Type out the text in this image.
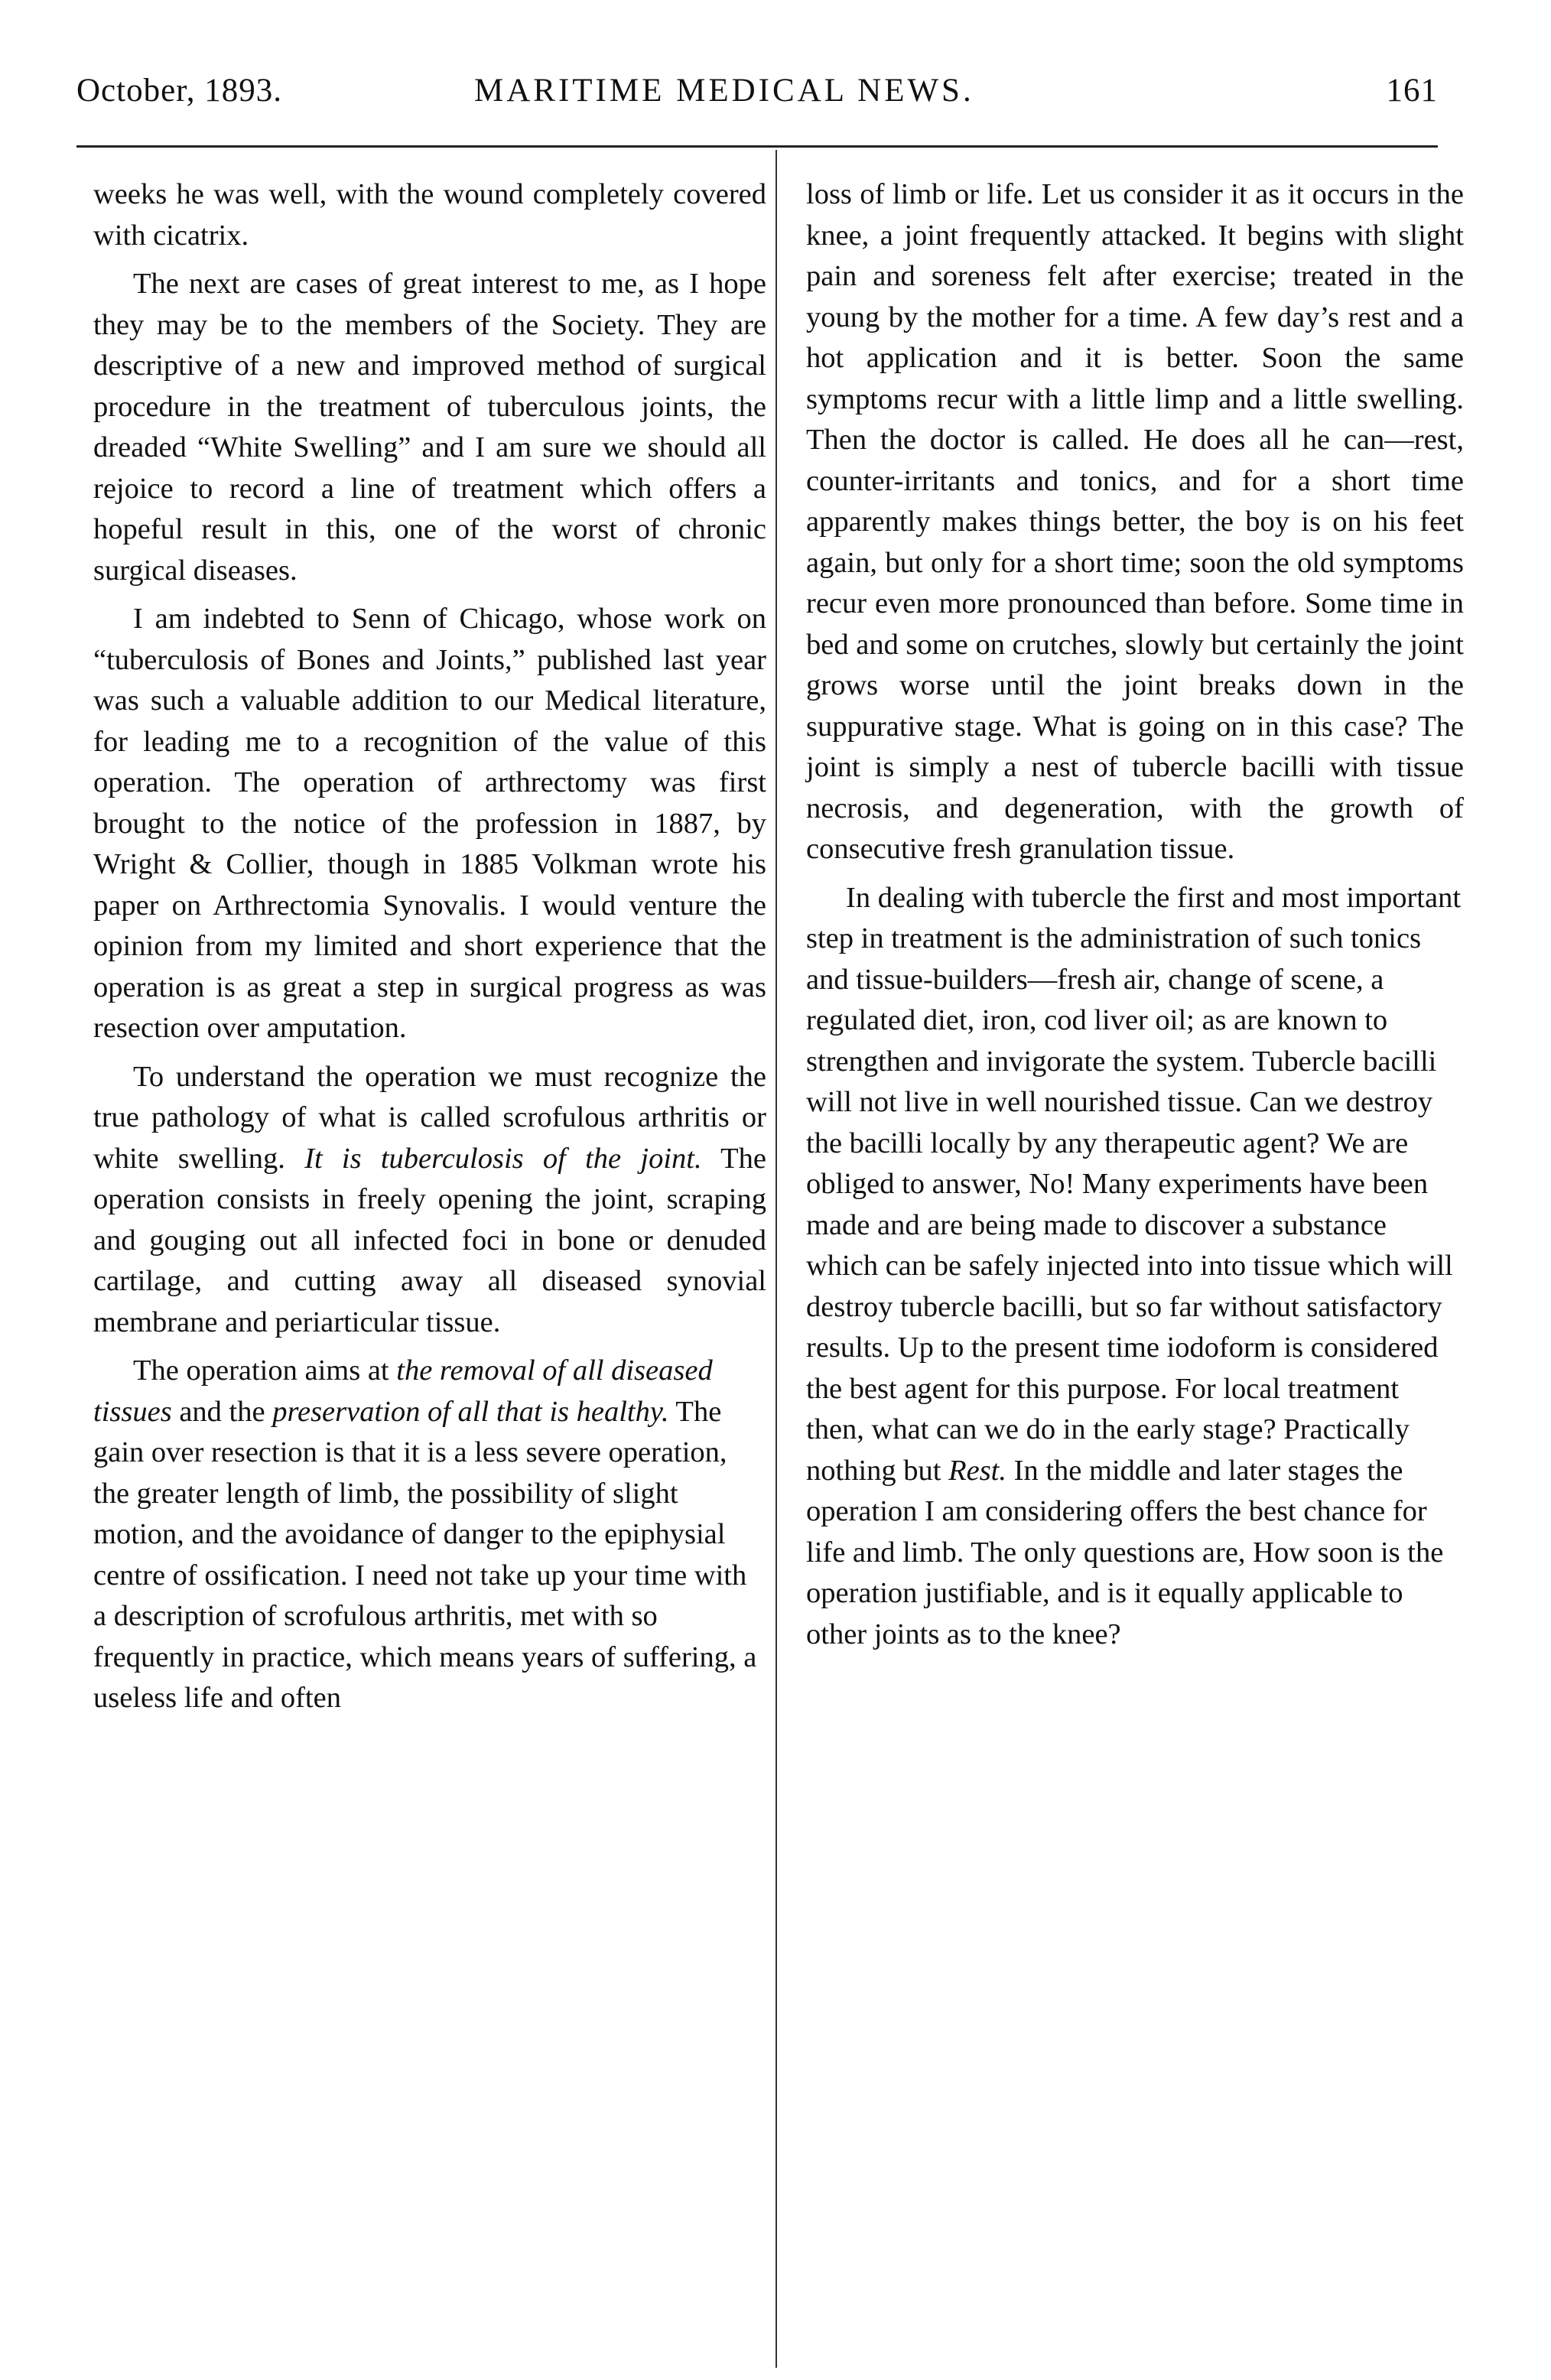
October, 1893.	MARITIME MEDICAL NEWS.	161

weeks he was well, with the wound completely covered with cicatrix.

The next are cases of great interest to me, as I hope they may be to the members of the Society. They are descriptive of a new and improved method of surgical procedure in the treatment of tuberculous joints, the dreaded “White Swelling” and I am sure we should all rejoice to record a line of treatment which offers a hopeful result in this, one of the worst of chronic surgical diseases.

I am indebted to Senn of Chicago, whose work on “tuberculosis of Bones and Joints,” published last year was such a valuable addition to our Medical literature, for leading me to a recognition of the value of this operation. The operation of arthrectomy was first brought to the notice of the profession in 1887, by Wright & Collier, though in 1885 Volkman wrote his paper on Arthrectomia Synovalis. I would venture the opinion from my limited and short experience that the operation is as great a step in surgical progress as was resection over amputation.

To understand the operation we must recognize the true pathology of what is called scrofulous arthritis or white swelling. It is tuberculosis of the joint. The operation consists in freely opening the joint, scraping and gouging out all infected foci in bone or denuded cartilage, and cutting away all diseased synovial membrane and periarticular tissue.

The operation aims at the removal of all diseased tissues and the preservation of all that is healthy. The gain over resection is that it is a less severe operation, the greater length of limb, the possibility of slight motion, and the avoidance of danger to the epiphysial centre of ossification. I need not take up your time with a description of scrofulous arthritis, met with so frequently in practice, which means years of suffering, a useless life and often

loss of limb or life. Let us consider it as it occurs in the knee, a joint frequently attacked. It begins with slight pain and soreness felt after exercise; treated in the young by the mother for a time. A few day’s rest and a hot application and it is better. Soon the same symptoms recur with a little limp and a little swelling. Then the doctor is called. He does all he can—rest, counter-irritants and tonics, and for a short time apparently makes things better, the boy is on his feet again, but only for a short time; soon the old symptoms recur even more pronounced than before. Some time in bed and some on crutches, slowly but certainly the joint grows worse until the joint breaks down in the suppurative stage. What is going on in this case? The joint is simply a nest of tubercle bacilli with tissue necrosis, and degeneration, with the growth of consecutive fresh granulation tissue.

In dealing with tubercle the first and most important step in treatment is the administration of such tonics and tissue-builders—fresh air, change of scene, a regulated diet, iron, cod liver oil; as are known to strengthen and invigorate the system. Tubercle bacilli will not live in well nourished tissue. Can we destroy the bacilli locally by any therapeutic agent? We are obliged to answer, No! Many experiments have been made and are being made to discover a substance which can be safely injected into into tissue which will destroy tubercle bacilli, but so far without satisfactory results. Up to the present time iodoform is considered the best agent for this purpose. For local treatment then, what can we do in the early stage? Practically nothing but Rest. In the middle and later stages the operation I am considering offers the best chance for life and limb. The only questions are, How soon is the operation justifiable, and is it equally applicable to other joints as to the knee?
